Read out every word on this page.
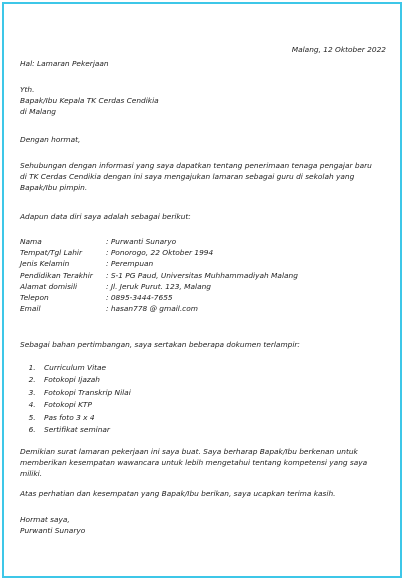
Malang, 12 Oktober 2022
Hal: Lamaran Pekerjaan

Yth.

Bapak/Ibu Kepala TK Cerdas Cendikia

di Malang

Dengan hormat,
Sehubungan dengan informasi yang saya dapatkan tentang penerimaan tenaga pengajar baru di TK Cerdas Cendikia dengan ini saya mengajukan lamaran sebagai guru di sekolah yang Bapak/Ibu pimpin.
Adapun data diri saya adalah sebagai berikut:
Nama	: Purwanti Sunaryo
Tempat/Tgl Lahir	: Ponorogo, 22 Oktober 1994
Jenis Kelamin	: Perempuan
Pendidikan Terakhir	: S-1 PG Paud, Universitas Muhhammadiyah Malang
Alamat domisili	: Jl. Jeruk Purut. 123, Malang
Telepon	: 0895-3444-7655
Email	: hasan778 @ gmail.com
Sebagai bahan pertimbangan, saya sertakan beberapa dokumen terlampir:
1. Curriculum Vitae
2. Fotokopi Ijazah
3. Fotokopi Transkrip Nilai
4. Fotokopi KTP
5. Pas foto 3 x 4
6. Sertifikat seminar
Demikian surat lamaran pekerjaan ini saya buat. Saya berharap Bapak/Ibu berkenan untuk memberikan kesempatan wawancara untuk lebih mengetahui tentang kompetensi yang saya miliki.
Atas perhatian dan kesempatan yang Bapak/Ibu berikan, saya ucapkan terima kasih.

Hormat saya,

Purwanti Sunaryo
